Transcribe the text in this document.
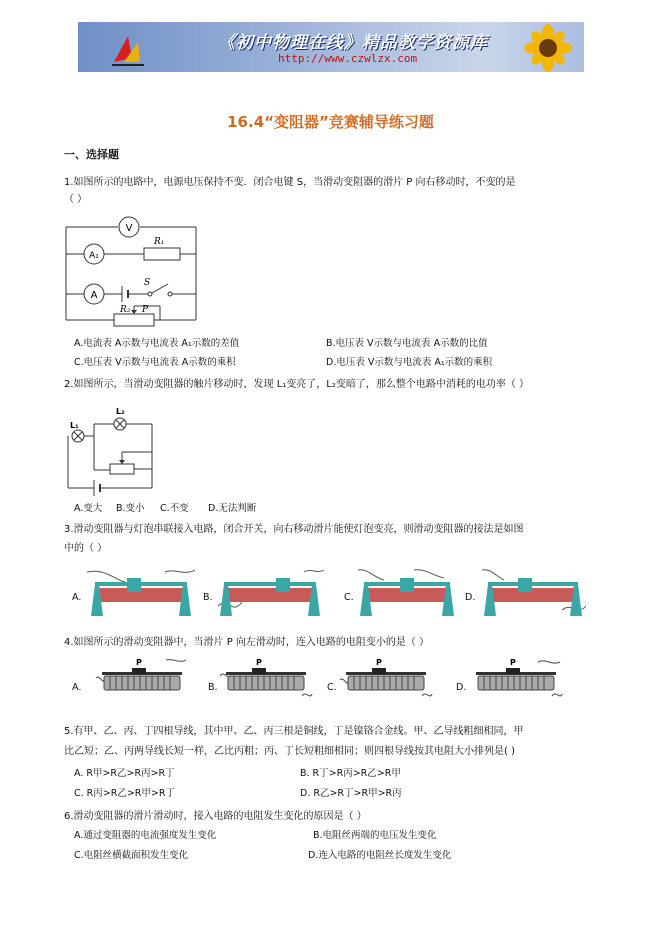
《初中物理在线》精品教学资源库
http://www.czwlzx.com
16.4“变阻器”竞赛辅导练习题
一、选择题
1.如图所示的电路中，电源电压保持不变．闭合电键 S，当滑动变阻器的滑片 P 向右移动时，不变的是
（ ）
V
A₁
A
R₁
S
R₂ P
A.电流表 A示数与电流表 A₁示数的差值	B.电压表 V示数与电流表 A示数的比值
C.电压表 V示数与电流表 A示数的乘积	D.电压表 V示数与电流表 A₁示数的乘积
2.如图所示，当滑动变阻器的触片移动时，发现 L₁变亮了，L₂变暗了，那么整个电路中消耗的电功率（ ）
L₁
L₂
A.变大 B.变小 C.不变 D.无法判断
3.滑动变阻器与灯泡串联接入电路，闭合开关，向右移动滑片能使灯泡变亮，则滑动变阻器的接法是如图
中的（ ）
A.	B.	C.	D.
4.如图所示的滑动变阻器中，当滑片 P 向左滑动时，连入电路的电阻变小的是（ ）
A.	B.	C.	D.
P	P	P	P
5.有甲、乙、丙、丁四根导线，其中甲、乙、丙三根是铜线，丁是镍铬合金线。甲、乙导线粗细相同，甲
比乙短；乙、丙两导线长短一样，乙比丙粗；丙、丁长短粗细相同；则四根导线按其电阻大小排列是( )
A. R甲>R乙>R丙>R丁	B. R丁>R丙>R乙>R甲
C. R丙>R乙>R甲>R丁	D. R乙>R丁>R甲>R丙
6.滑动变阻器的滑片滑动时，接入电路的电阻发生变化的原因是（ ）
A.通过变阻器的电流强度发生变化	B.电阻丝两端的电压发生变化
C.电阻丝横截面积发生变化	D.连入电路的电阻丝长度发生变化
